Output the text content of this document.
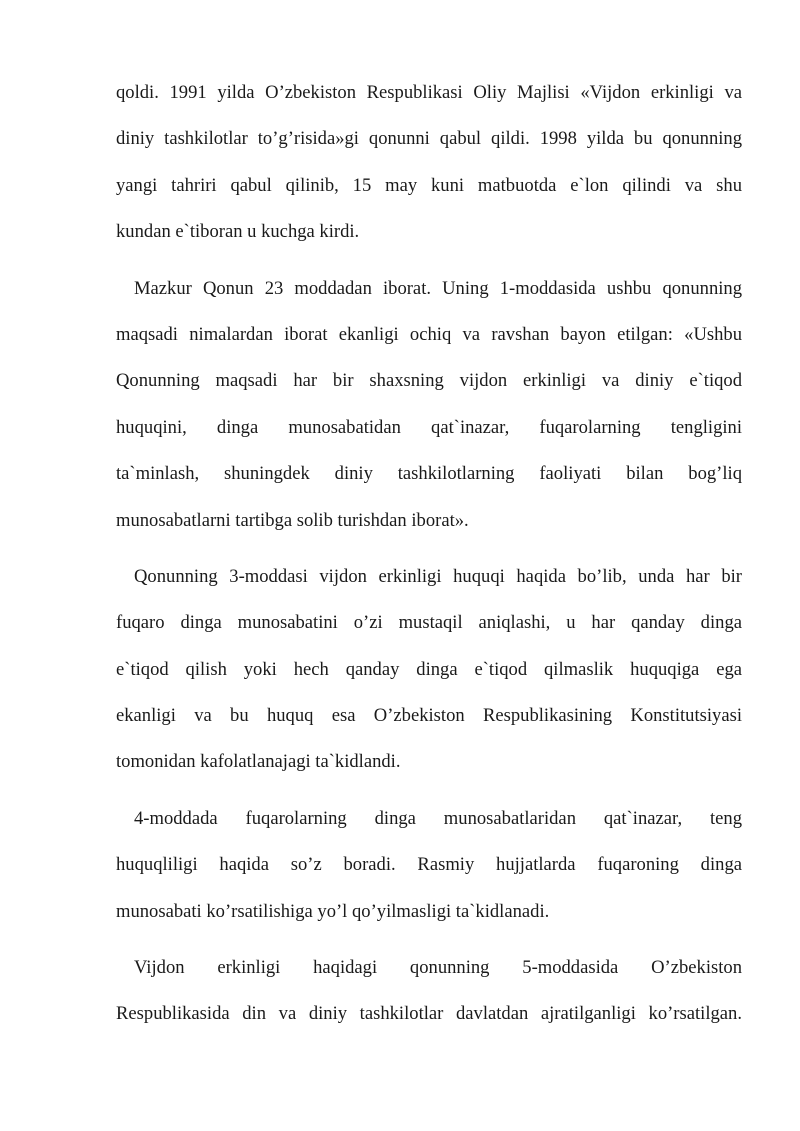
qoldi. 1991 yilda O’zbekiston Respublikasi Oliy Majlisi «Vijdon erkinligi va
diniy tashkilotlar to’g’risida»gi qonunni qabul qildi. 1998 yilda bu qonunning
yangi tahriri qabul qilinib, 15 may kuni matbuotda e`lon qilindi va shu
kundan e`tiboran u kuchga kirdi.
Mazkur Qonun 23 moddadan iborat. Uning 1-moddasida ushbu qonunning
maqsadi nimalardan iborat ekanligi ochiq va ravshan bayon etilgan: «Ushbu
Qonunning maqsadi har bir shaxsning vijdon erkinligi va diniy e`tiqod
huquqini, dinga munosabatidan qat`inazar, fuqarolarning tengligini
ta`minlash, shuningdek diniy tashkilotlarning faoliyati bilan bog’liq
munosabatlarni tartibga solib turishdan iborat».
Qonunning 3-moddasi vijdon erkinligi huquqi haqida bo’lib, unda har bir
fuqaro dinga munosabatini o’zi mustaqil aniqlashi, u har qanday dinga
e`tiqod qilish yoki hech qanday dinga e`tiqod qilmaslik huquqiga ega
ekanligi va bu huquq esa O’zbekiston Respublikasining Konstitutsiyasi
tomonidan kafolatlanajagi ta`kidlandi.
4-moddada fuqarolarning dinga munosabatlaridan qat`inazar, teng
huquqliligi haqida so’z boradi. Rasmiy hujjatlarda fuqaroning dinga
munosabati ko’rsatilishiga yo’l qo’yilmasligi ta`kidlanadi.
Vijdon erkinligi haqidagi qonunning 5-moddasida O’zbekiston
Respublikasida din va diniy tashkilotlar davlatdan ajratilganligi ko’rsatilgan.
